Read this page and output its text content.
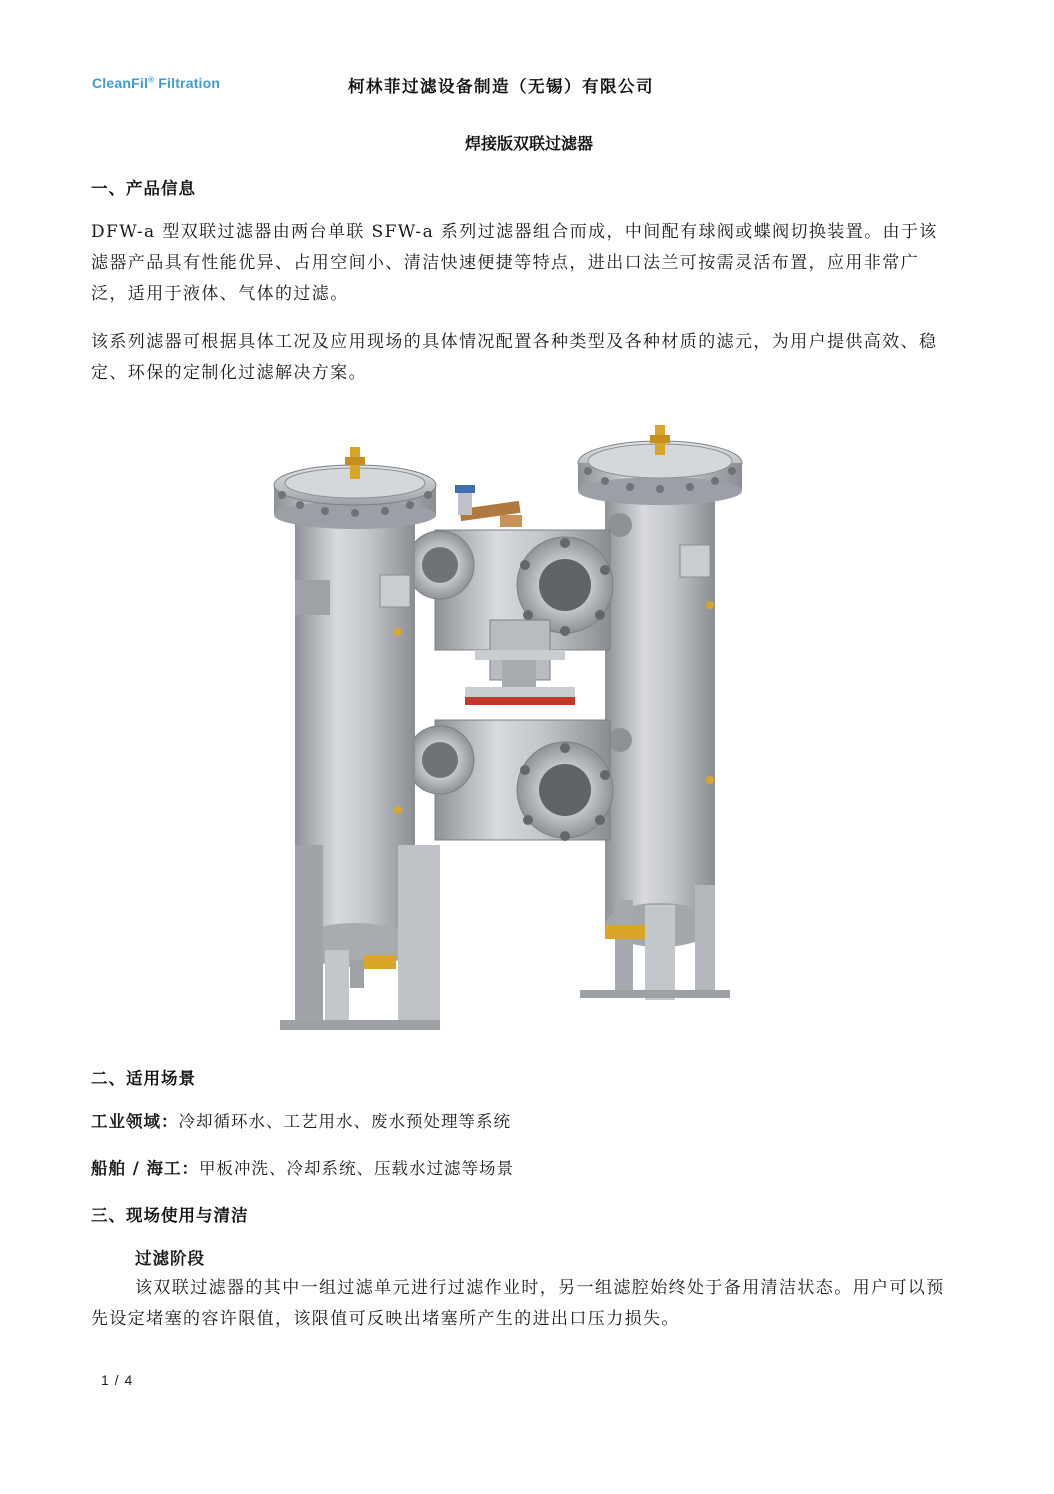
CleanFil® Filtration	柯林菲过滤设备制造（无锡）有限公司
焊接版双联过滤器
一、产品信息
DFW-a 型双联过滤器由两台单联 SFW-a 系列过滤器组合而成，中间配有球阀或蝶阀切换装置。由于该滤器产品具有性能优异、占用空间小、清洁快速便捷等特点，进出口法兰可按需灵活布置，应用非常广泛，适用于液体、气体的过滤。
该系列滤器可根据具体工况及应用现场的具体情况配置各种类型及各种材质的滤元，为用户提供高效、稳定、环保的定制化过滤解决方案。
二、适用场景
工业领域：冷却循环水、工艺用水、废水预处理等系统
船舶 / 海工：甲板冲洗、冷却系统、压载水过滤等场景
三、现场使用与清洁
过滤阶段
该双联过滤器的其中一组过滤单元进行过滤作业时，另一组滤腔始终处于备用清洁状态。用户可以预先设定堵塞的容许限值，该限值可反映出堵塞所产生的进出口压力损失。
1 / 4
